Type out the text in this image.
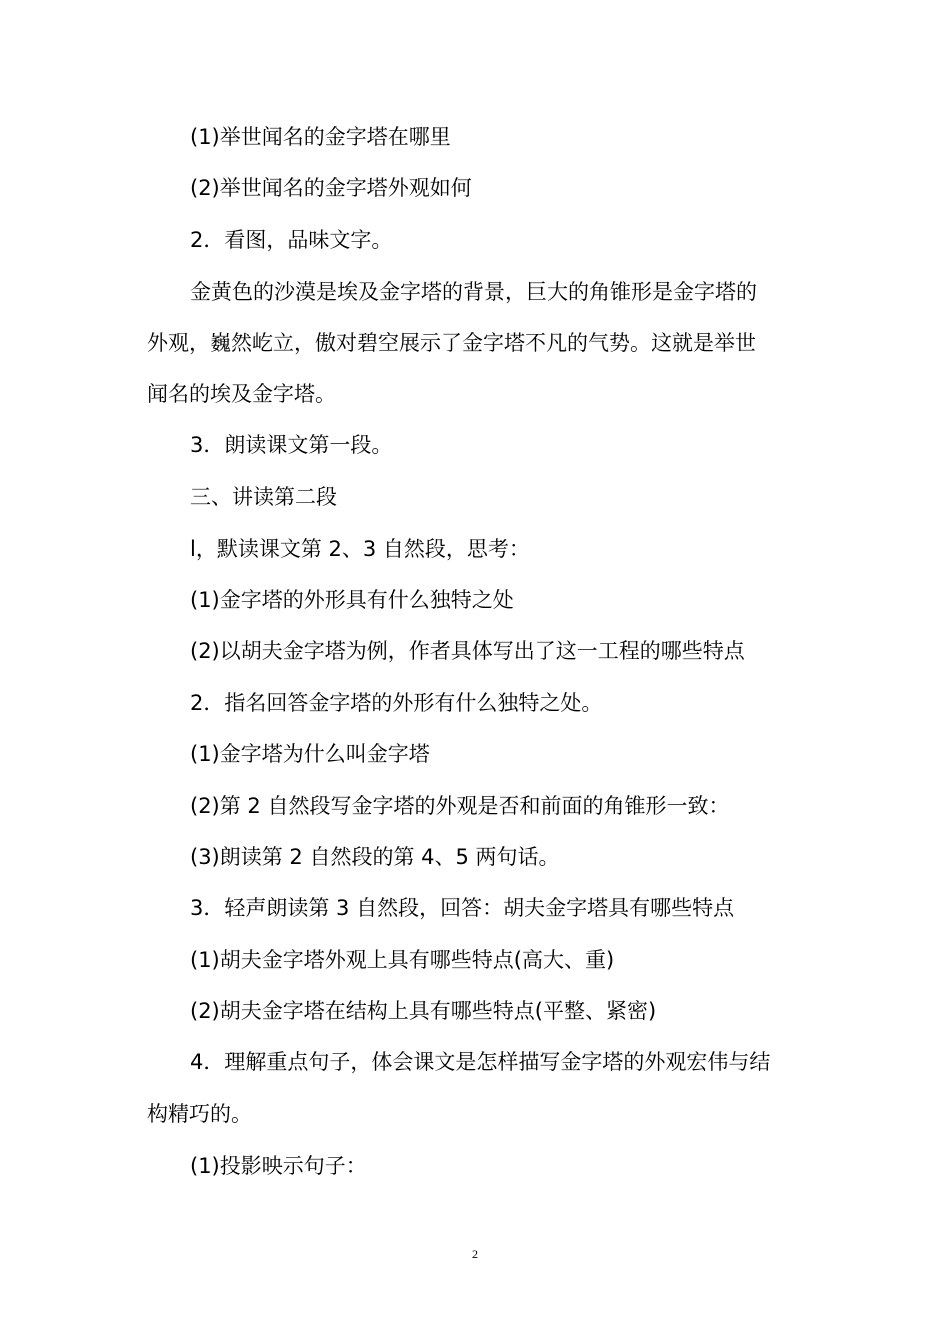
(1)举世闻名的金字塔在哪里
(2)举世闻名的金字塔外观如何
2．看图，品味文字。
金黄色的沙漠是埃及金字塔的背景，巨大的角锥形是金字塔的
外观，巍然屹立，傲对碧空展示了金字塔不凡的气势。这就是举世
闻名的埃及金字塔。
3．朗读课文第一段。
三、讲读第二段
l，默读课文第 2、3 自然段，思考：
(1)金字塔的外形具有什么独特之处
(2)以胡夫金字塔为例，作者具体写出了这一工程的哪些特点
2．指名回答金字塔的外形有什么独特之处。
(1)金字塔为什么叫金字塔
(2)第 2 自然段写金字塔的外观是否和前面的角锥形一致：
(3)朗读第 2 自然段的第 4、5 两句话。
3．轻声朗读第 3 自然段，回答：胡夫金字塔具有哪些特点
(1)胡夫金字塔外观上具有哪些特点(高大、重)
(2)胡夫金字塔在结构上具有哪些特点(平整、紧密)
4．理解重点句子，体会课文是怎样描写金字塔的外观宏伟与结
构精巧的。
(1)投影映示句子：
2
